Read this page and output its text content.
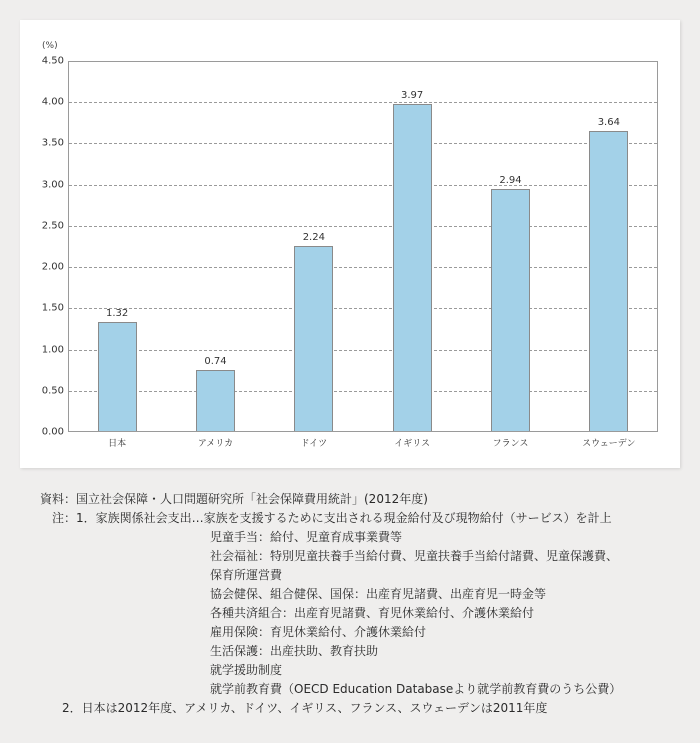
(%)
0.00
0.50
1.00
1.50
2.00
2.50
3.00
3.50
4.00
4.50
日本	アメリカ	ドイツ	イギリス	フランス	スウェーデン
資料：国立社会保障・人口問題研究所「社会保障費用統計」(2012年度)
注：1．家族関係社会支出…家族を支援するために支出される現金給付及び現物給付（サービス）を計上
児童手当：給付、児童育成事業費等
社会福祉：特別児童扶養手当給付費、児童扶養手当給付諸費、児童保護費、
保育所運営費
協会健保、組合健保、国保：出産育児諸費、出産育児一時金等
各種共済組合：出産育児諸費、育児休業給付、介護休業給付
雇用保険：育児休業給付、介護休業給付
生活保護：出産扶助、教育扶助
就学援助制度
就学前教育費（OECD Education Databaseより就学前教育費のうち公費）
2．日本は2012年度、アメリカ、ドイツ、イギリス、フランス、スウェーデンは2011年度
1.32
0.74
2.24
3.97
2.94
3.64
